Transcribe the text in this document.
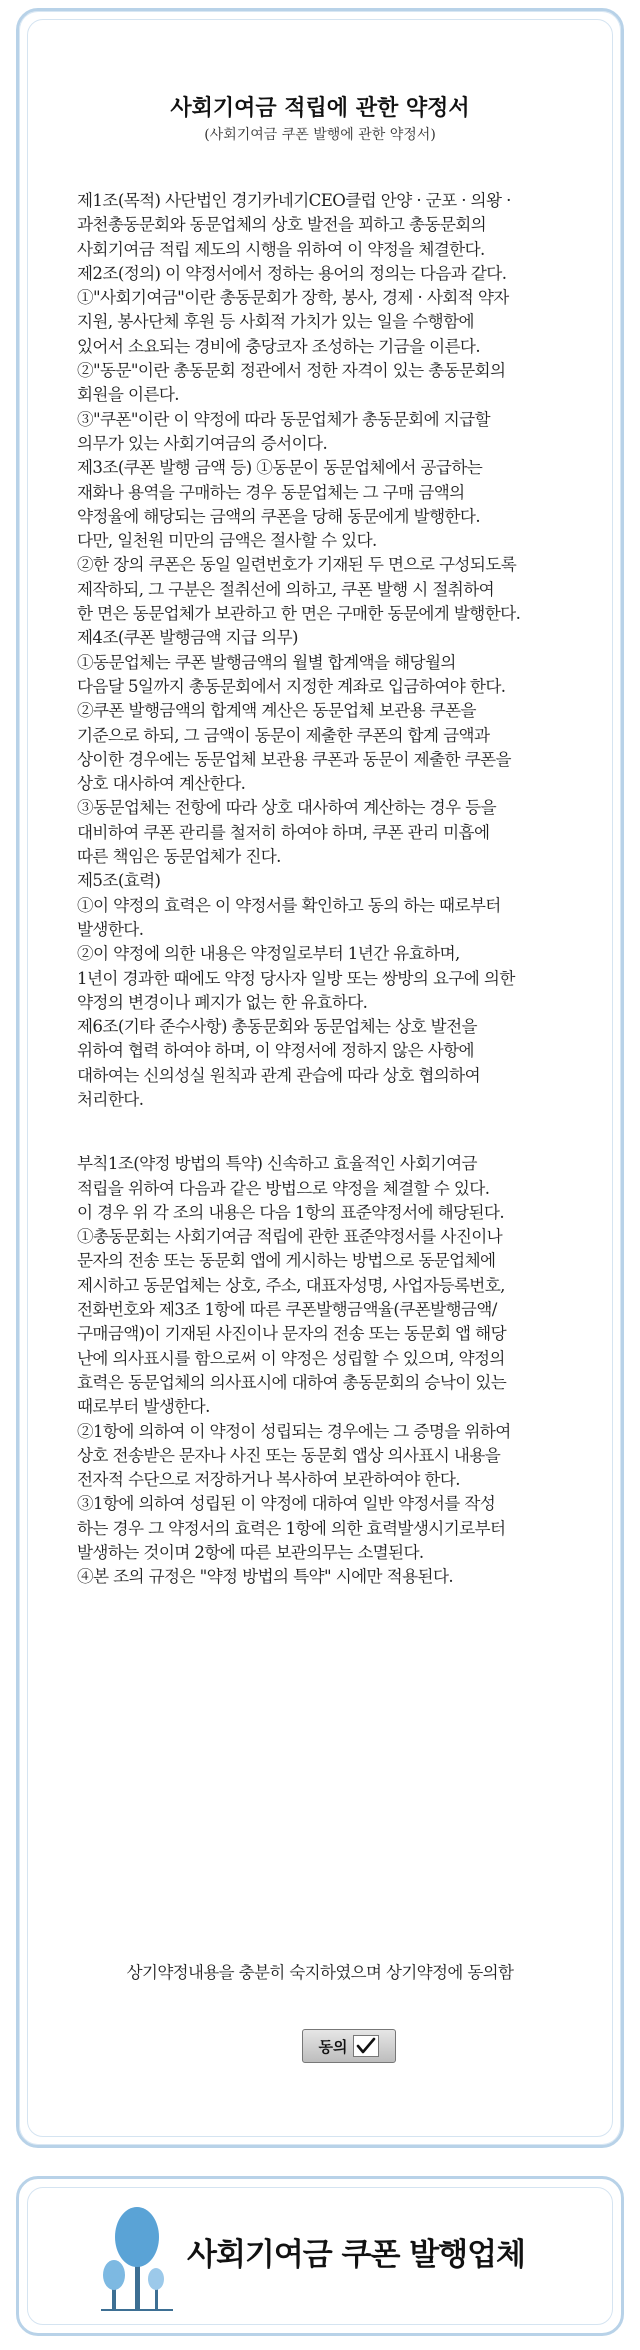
사회기여금 적립에 관한 약정서
(사회기여금 쿠폰 발행에 관한 약정서)

제1조(목적) 사단법인 경기카네기CEO클럽 안양 · 군포 · 의왕 ·
과천총동문회와 동문업체의 상호 발전을 꾀하고 총동문회의
사회기여금 적립 제도의 시행을 위하여 이 약정을 체결한다.

제2조(정의) 이 약정서에서 정하는 용어의 정의는 다음과 같다.
①"사회기여금"이란 총동문회가 장학, 봉사, 경제 · 사회적 약자
지원, 봉사단체 후원 등 사회적 가치가 있는 일을 수행함에
있어서 소요되는 경비에 충당코자 조성하는 기금을 이른다.
②"동문"이란 총동문회 정관에서 정한 자격이 있는 총동문회의
회원을 이른다.
③"쿠폰"이란 이 약정에 따라 동문업체가 총동문회에 지급할
의무가 있는 사회기여금의 증서이다.

제3조(쿠폰 발행 금액 등) ①동문이 동문업체에서 공급하는
재화나 용역을 구매하는 경우 동문업체는 그 구매 금액의
약정율에 해당되는 금액의 쿠폰을 당해 동문에게 발행한다.
다만, 일천원 미만의 금액은 절사할 수 있다.
②한 장의 쿠폰은 동일 일련번호가 기재된 두 면으로 구성되도록
제작하되, 그 구분은 절취선에 의하고, 쿠폰 발행 시 절취하여
한 면은 동문업체가 보관하고 한 면은 구매한 동문에게 발행한다.

제4조(쿠폰 발행금액 지급 의무)
①동문업체는 쿠폰 발행금액의 월별 합계액을 해당월의
다음달 5일까지 총동문회에서 지정한 계좌로 입금하여야 한다.
②쿠폰 발행금액의 합계액 계산은 동문업체 보관용 쿠폰을
기준으로 하되, 그 금액이 동문이 제출한 쿠폰의 합계 금액과
상이한 경우에는 동문업체 보관용 쿠폰과 동문이 제출한 쿠폰을
상호 대사하여 계산한다.
③동문업체는 전항에 따라 상호 대사하여 계산하는 경우 등을
대비하여 쿠폰 관리를 철저히 하여야 하며, 쿠폰 관리 미흡에
따른 책임은 동문업체가 진다.

제5조(효력)
①이 약정의 효력은 이 약정서를 확인하고 동의 하는 때로부터
발생한다.
②이 약정에 의한 내용은 약정일로부터 1년간 유효하며,
1년이 경과한 때에도 약정 당사자 일방 또는 쌍방의 요구에 의한
약정의 변경이나 폐지가 없는 한 유효하다.

제6조(기타 준수사항) 총동문회와 동문업체는 상호 발전을
위하여 협력 하여야 하며, 이 약정서에 정하지 않은 사항에
대하여는 신의성실 원칙과 관계 관습에 따라 상호 협의하여
처리한다.

부칙1조(약정 방법의 특약) 신속하고 효율적인 사회기여금
적립을 위하여 다음과 같은 방법으로 약정을 체결할 수 있다.
이 경우 위 각 조의 내용은 다음 1항의 표준약정서에 해당된다.
①총동문회는 사회기여금 적립에 관한 표준약정서를 사진이나
문자의 전송 또는 동문회 앱에 게시하는 방법으로 동문업체에
제시하고 동문업체는 상호, 주소, 대표자성명, 사업자등록번호,
전화번호와 제3조 1항에 따른 쿠폰발행금액율(쿠폰발행금액/
구매금액)이 기재된 사진이나 문자의 전송 또는 동문회 앱 해당
난에 의사표시를 함으로써 이 약정은 성립할 수 있으며, 약정의
효력은 동문업체의 의사표시에 대하여 총동문회의 승낙이 있는
때로부터 발생한다.
②1항에 의하여 이 약정이 성립되는 경우에는 그 증명을 위하여
상호 전송받은 문자나 사진 또는 동문회 앱상 의사표시 내용을
전자적 수단으로 저장하거나 복사하여 보관하여야 한다.
③1항에 의하여 성립된 이 약정에 대하여 일반 약정서를 작성
하는 경우 그 약정서의 효력은 1항에 의한 효력발생시기로부터
발생하는 것이며 2항에 따른 보관의무는 소멸된다.
④본 조의 규정은 "약정 방법의 특약" 시에만 적용된다.

상기약정내용을 충분히 숙지하였으며 상기약정에 동의함
동의
사회기여금 쿠폰 발행업체
